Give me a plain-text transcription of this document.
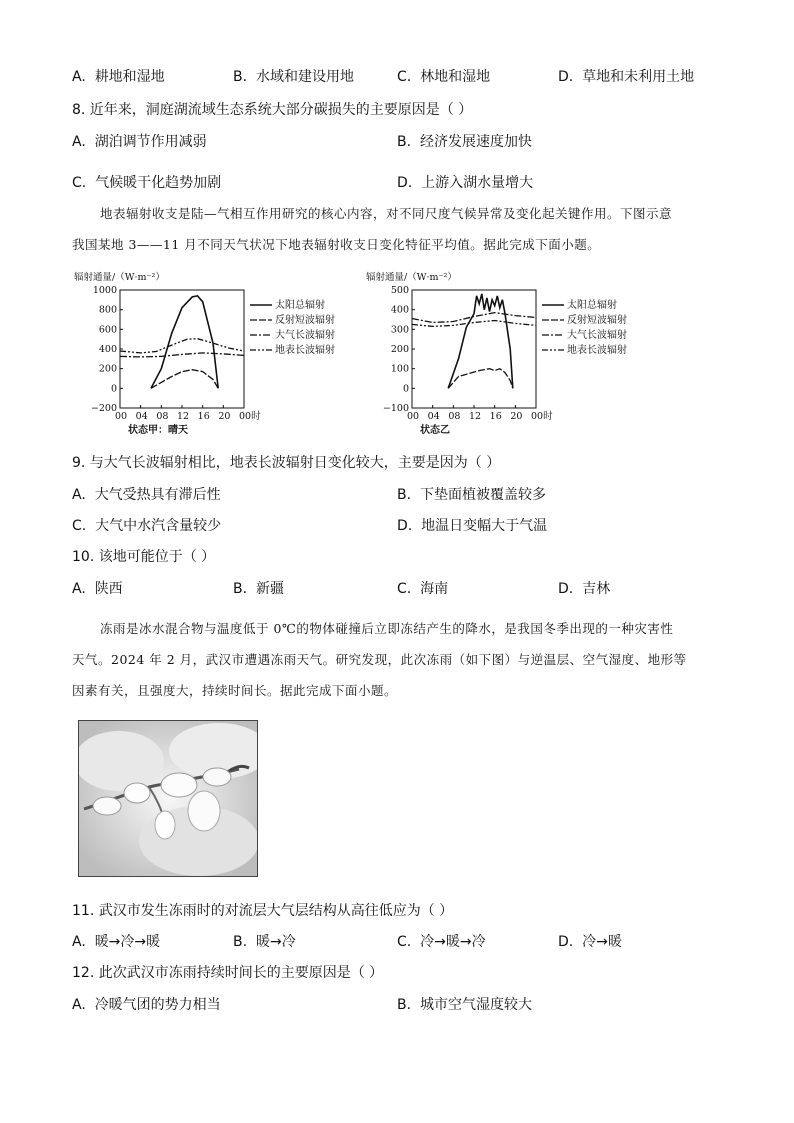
A. 耕地和湿地	B. 水域和建设用地	C. 林地和湿地	D. 草地和未利用土地
8. 近年来，洞庭湖流域生态系统大部分碳损失的主要原因是（ ）
A. 湖泊调节作用减弱	B. 经济发展速度加快
C. 气候暖干化趋势加剧	D. 上游入湖水量增大
地表辐射收支是陆—气相互作用研究的核心内容，对不同尺度气候异常及变化起关键作用。下图示意
我国某地 3——11 月不同天气状况下地表辐射收支日变化特征平均值。据此完成下面小题。
辐射通量/（W·m⁻²）
1000
800
600
400
200
0
−200
00 04 08 12 16 20 00时
状态甲：晴天
太阳总辐射
反射短波辐射
大气长波辐射
地表长波辐射
辐射通量/（W·m⁻²）
500
400
300
200
100
0
−100
00 04 08 12 16 20 00时
状态乙
太阳总辐射
反射短波辐射
大气长波辐射
地表长波辐射
9. 与大气长波辐射相比，地表长波辐射日变化较大，主要是因为（ ）
A. 大气受热具有滞后性	B. 下垫面植被覆盖较多
C. 大气中水汽含量较少	D. 地温日变幅大于气温
10. 该地可能位于（ ）
A. 陕西	B. 新疆	C. 海南	D. 吉林
冻雨是冰水混合物与温度低于 0℃的物体碰撞后立即冻结产生的降水，是我国冬季出现的一种灾害性
天气。2024 年 2 月，武汉市遭遇冻雨天气。研究发现，此次冻雨（如下图）与逆温层、空气湿度、地形等
因素有关，且强度大，持续时间长。据此完成下面小题。
11. 武汉市发生冻雨时的对流层大气层结构从高往低应为（ ）
A. 暖→冷→暖	B. 暖→冷	C. 冷→暖→冷	D. 冷→暖
12. 此次武汉市冻雨持续时间长的主要原因是（ ）
A. 冷暖气团的势力相当	B. 城市空气湿度较大
